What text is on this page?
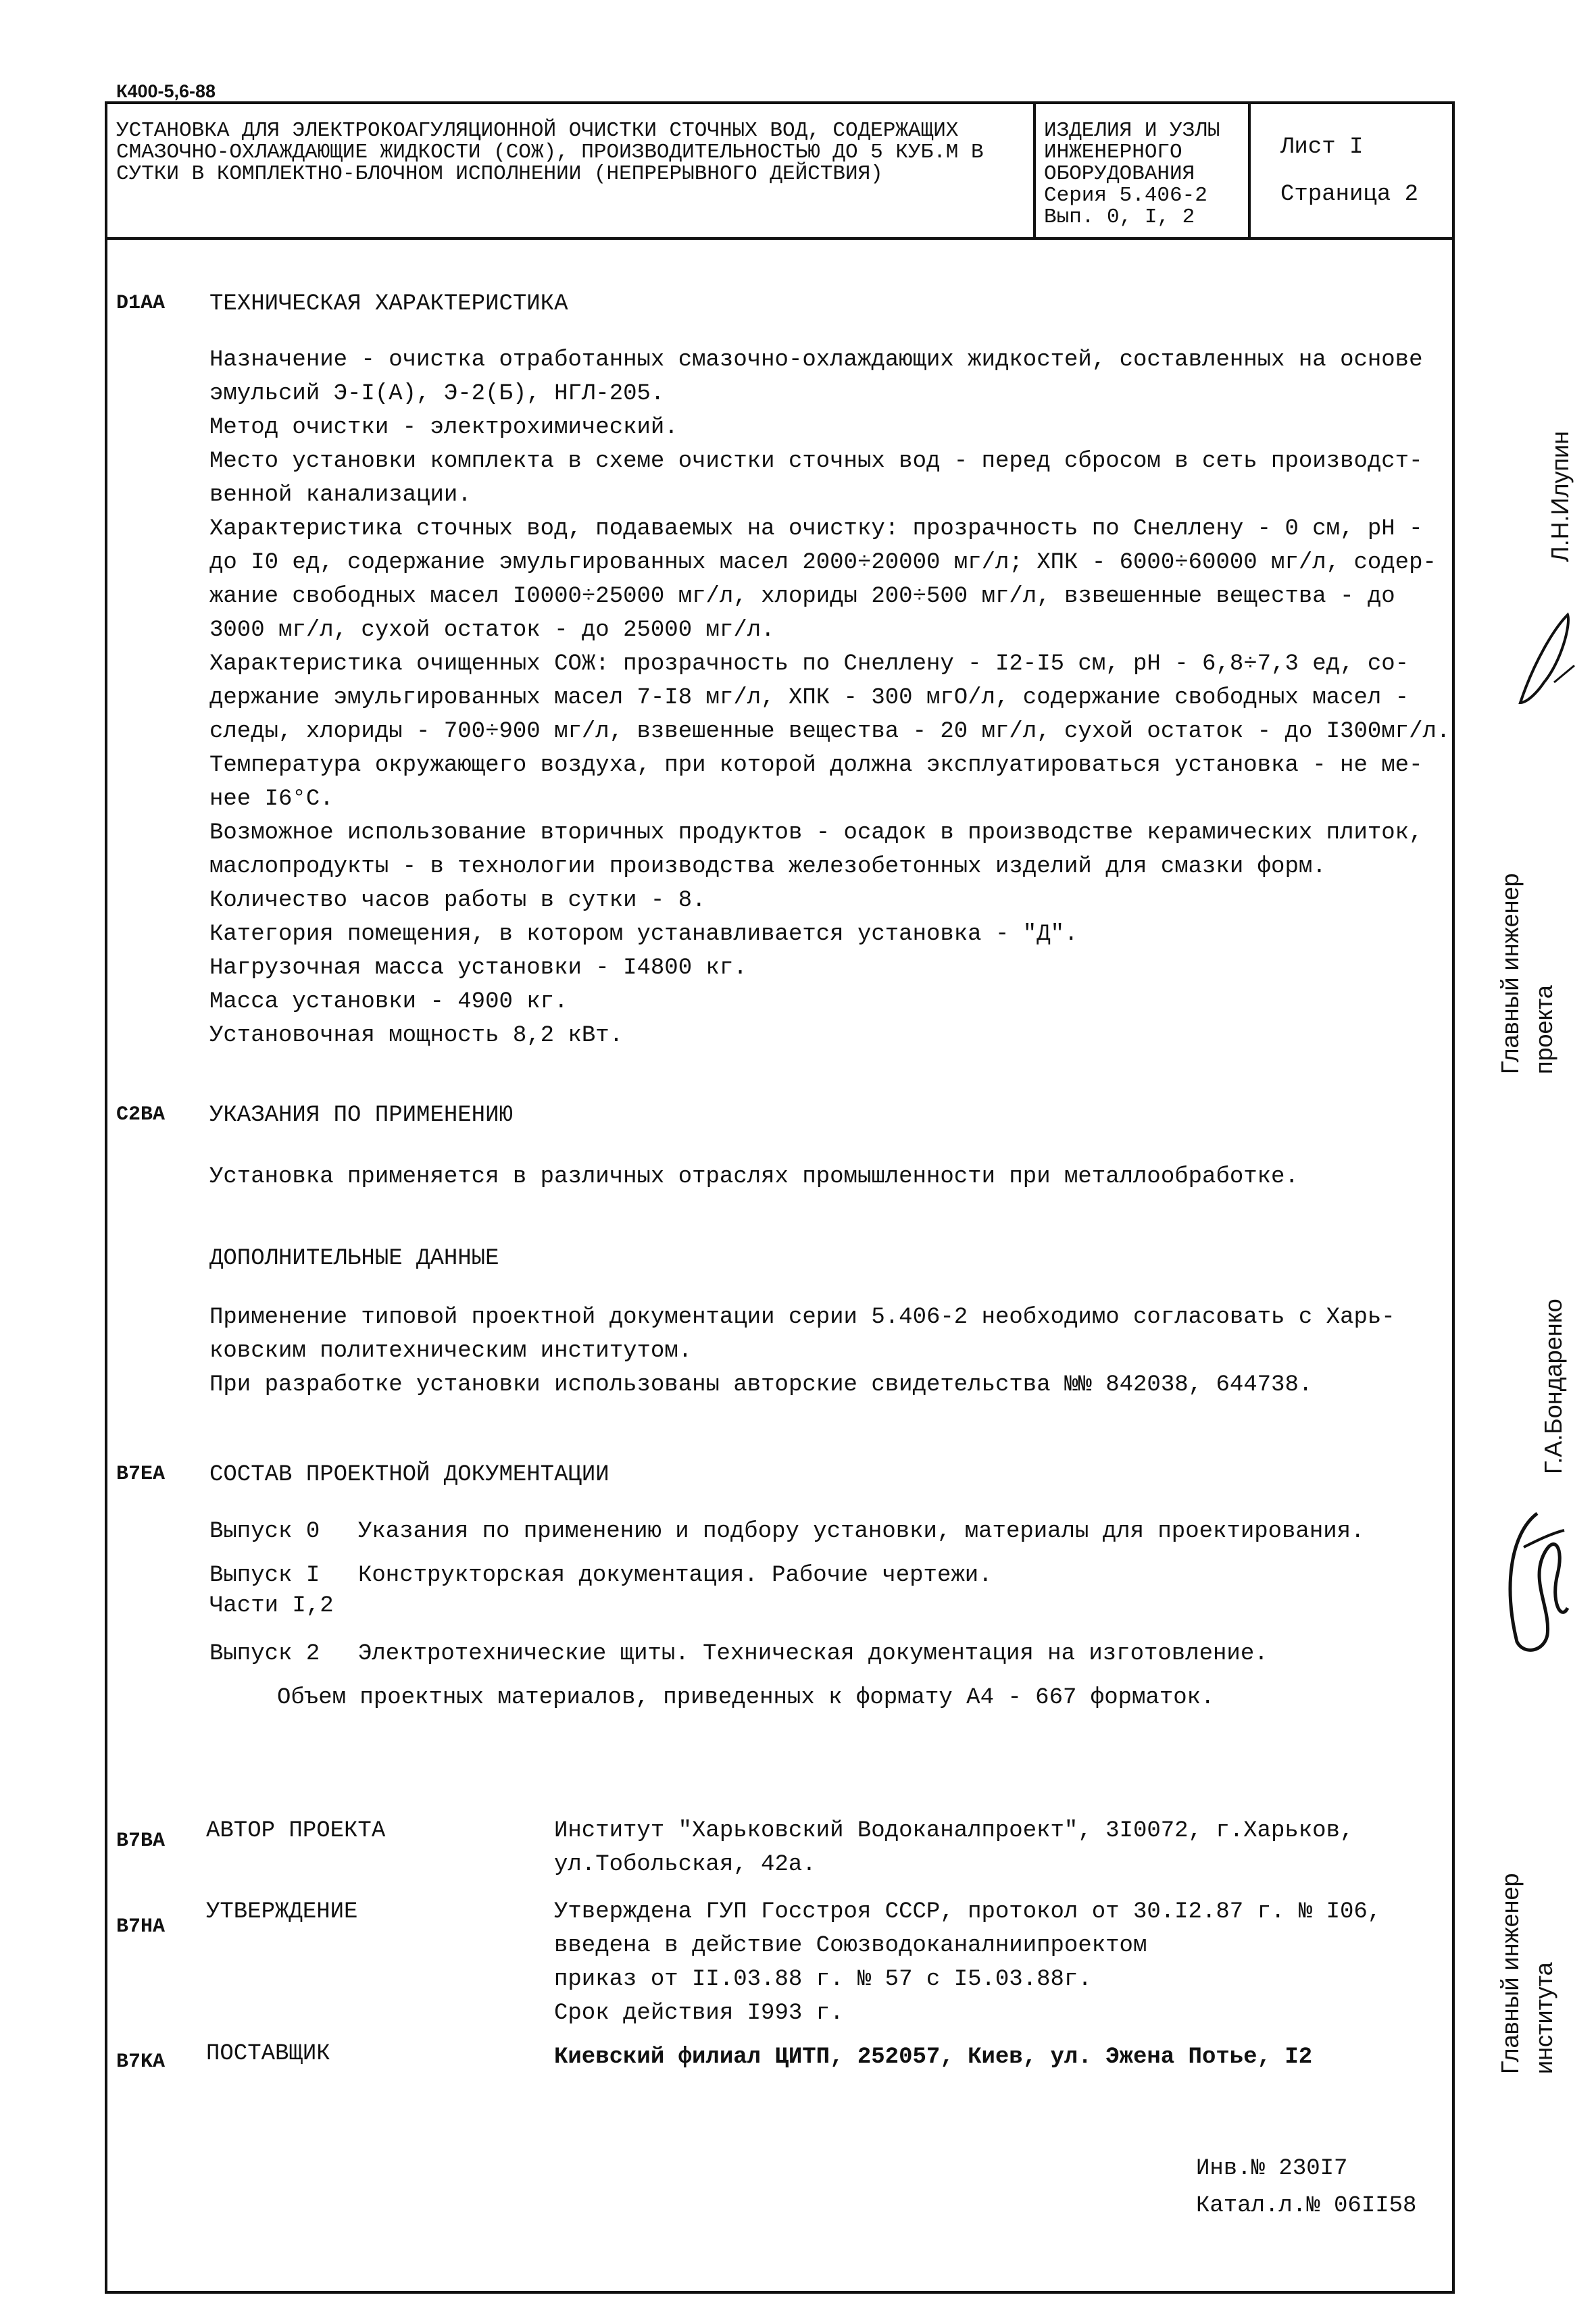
К400-5,6-88
УСТАНОВКА ДЛЯ ЭЛЕКТРОКОАГУЛЯЦИОННОЙ ОЧИСТКИ СТОЧНЫХ ВОД, СОДЕРЖАЩИХ СМАЗОЧНО-ОХЛАЖДАЮЩИЕ ЖИДКОСТИ (СОЖ), ПРОИЗВОДИТЕЛЬНОСТЬЮ ДО 5 КУБ.М В СУТКИ В КОМПЛЕКТНО-БЛОЧНОМ ИСПОЛНЕНИИ (НЕПРЕРЫВНОГО ДЕЙСТВИЯ)
ИЗДЕЛИЯ И УЗЛЫ
ИНЖЕНЕРНОГО
ОБОРУДОВАНИЯ
Серия 5.406-2
Вып. 0, I, 2
Лист I
Страница 2
D1AA ТЕХНИЧЕСКАЯ ХАРАКТЕРИСТИКА
Назначение - очистка отработанных смазочно-охлаждающих жидкостей, составленных на основе
эмульсий Э-I(А), Э-2(Б), НГЛ-205.
Метод очистки - электрохимический.
Место установки комплекта в схеме очистки сточных вод - перед сбросом в сеть производст-
венной канализации.
Характеристика сточных вод, подаваемых на очистку: прозрачность по Снеллену - 0 см, pH -
до I0 ед, содержание эмульгированных масел 2000÷20000 мг/л; ХПК - 6000÷60000 мг/л, содер-
жание свободных масел I0000÷25000 мг/л, хлориды 200÷500 мг/л, взвешенные вещества - до
3000 мг/л, сухой остаток - до 25000 мг/л.
Характеристика очищенных СОЖ: прозрачность по Снеллену - I2-I5 см, pH - 6,8÷7,3 ед, со-
держание эмульгированных масел 7-I8 мг/л, ХПК - 300 мгО/л, содержание свободных масел -
следы, хлориды - 700÷900 мг/л, взвешенные вещества - 20 мг/л, сухой остаток - до I300мг/л.
Температура окружающего воздуха, при которой должна эксплуатироваться установка - не ме-
нее I6°С.
Возможное использование вторичных продуктов - осадок в производстве керамических плиток,
маслопродукты - в технологии производства железобетонных изделий для смазки форм.
Количество часов работы в сутки - 8.
Категория помещения, в котором устанавливается установка - "Д".
Нагрузочная масса установки - I4800 кг.
Масса установки - 4900 кг.
Установочная мощность 8,2 кВт.
C2BA УКАЗАНИЯ ПО ПРИМЕНЕНИЮ
Установка применяется в различных отраслях промышленности при металлообработке.
ДОПОЛНИТЕЛЬНЫЕ ДАННЫЕ
Применение типовой проектной документации серии 5.406-2 необходимо согласовать с Харь-
ковским политехническим институтом.
При разработке установки использованы авторские свидетельства №№ 842038, 644738.
B7EA СОСТАВ ПРОЕКТНОЙ ДОКУМЕНТАЦИИ
Выпуск 0 Указания по применению и подбору установки, материалы для проектирования.
Выпуск I Конструкторская документация. Рабочие чертежи.
Части I,2
Выпуск 2 Электротехнические щиты. Техническая документация на изготовление.
Объем проектных материалов, приведенных к формату А4 - 667 форматок.
B7BA АВТОР ПРОЕКТА	Институт "Харьковский Водоканалпроект", 3I0072, г.Харьков,
ул.Тобольская, 42а.
B7HA
УТВЕРЖДЕНИЕ	Утверждена ГУП Госстроя СССР, протокол от 30.I2.87 г. № I06,
введена в действие Союзводоканалниипроектом
приказ от II.03.88 г. № 57 с I5.03.88г.
Срок действия I993 г.
B7KA ПОСТАВЩИК	Киевский филиал ЦИТП, 252057, Киев, ул. Эжена Потье, I2
Инв.№ 230I7
Катал.л.№ 06II58
Л.Н.Илупин
Главный инженер проекта
Г.А.Бондаренко
Главный инженер института
